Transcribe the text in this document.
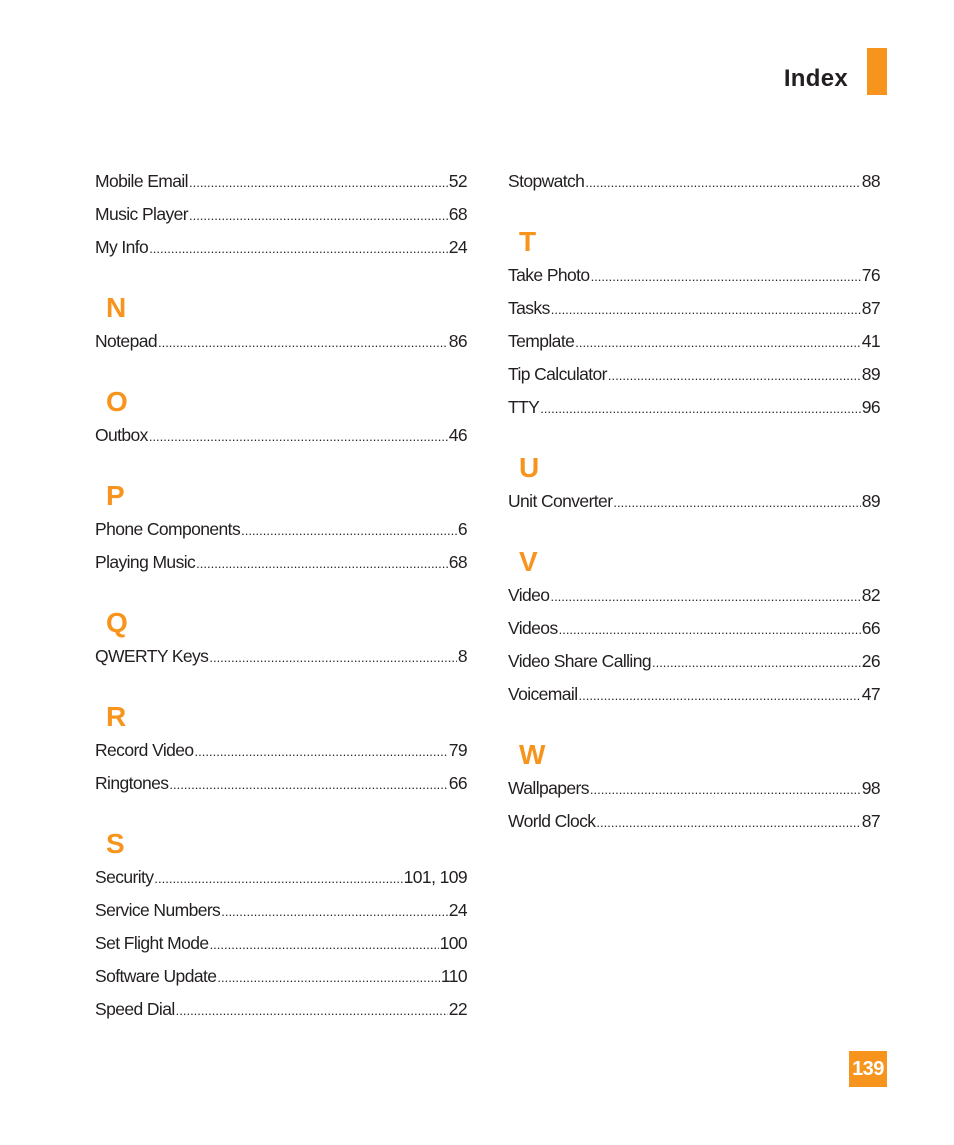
Index
Mobile Email .....	52
Music Player .....	68
My Info .....	24
N
Notepad .....	86
O
Outbox .....	46
P
Phone Components .....	6
Playing Music .....	68
Q
QWERTY Keys .....	8
R
Record Video .....	79
Ringtones .....	66
S
Security .....	101, 109
Service Numbers .....	24
Set Flight Mode .....	100
Software Update .....	110
Speed Dial .....	22
Stopwatch .....	88
T
Take Photo .....	76
Tasks .....	87
Template .....	41
Tip Calculator .....	89
TTY .....	96
U
Unit Converter .....	89
V
Video .....	82
Videos .....	66
Video Share Calling .....	26
Voicemail .....	47
W
Wallpapers .....	98
World Clock .....	87
139
